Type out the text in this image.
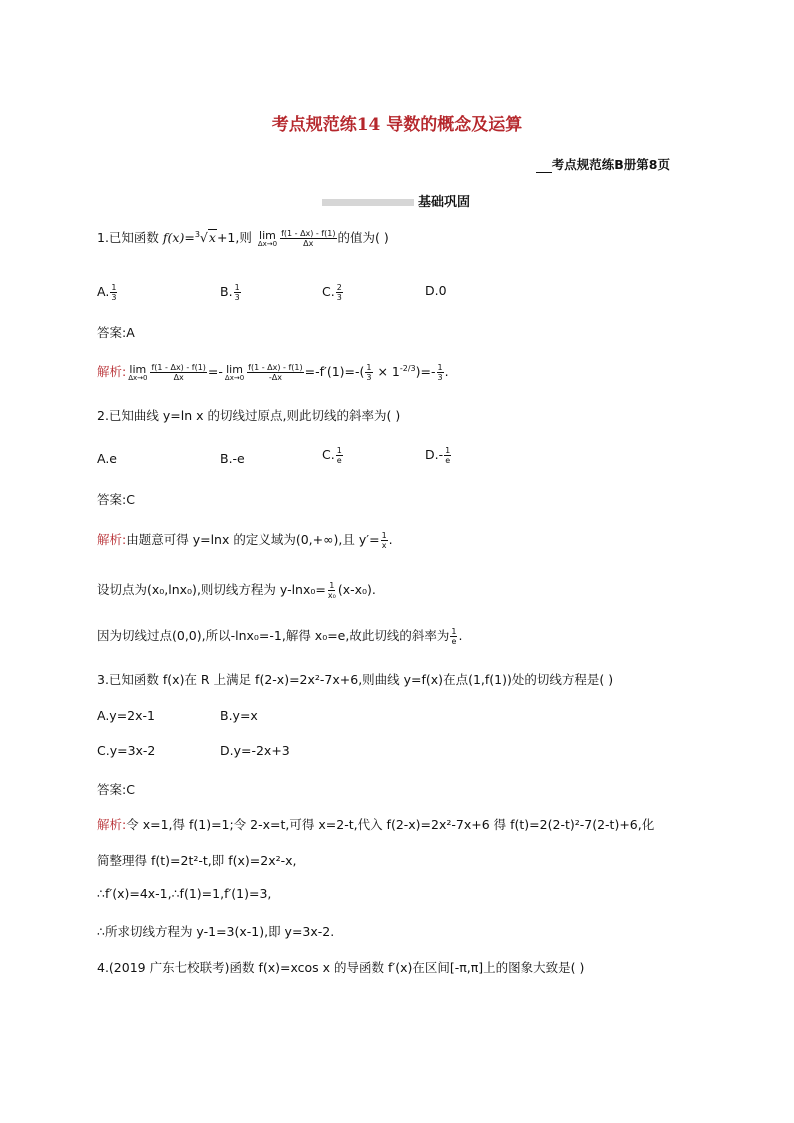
考点规范练14 导数的概念及运算
考点规范练B册第8页
基础巩固
1.已知函数 f(x)=$^3$√x+1,则 lim
$\Delta x\to 0 \frac{f(1 - \Delta x) - f(1)}{\Delta x}$ 的值为( )
A. $\frac{1}{3}$	B. $\frac{1}{3}$	C. $\frac{2}{3}$	D.0
答案:A
解析: lim
$\Delta x\to 0 \frac{f(1 - \Delta x) - f(1)}{\Delta x} =- \lim$
$\Delta x\to 0 \frac{f(1 - \Delta x) - f(1)}{-\Delta x} =-f'(1)=-( \frac{1}{3} \times 1^{-2/3})=- \frac{1}{3}$ .
2.已知曲线 y=ln x 的切线过原点,则此切线的斜率为( )
A.e	B.-e	C. $\frac{1}{e}$	$D.- \frac{1}{e}$
答案:C
解析:由题意可得 y=lnx 的定义域为(0,+∞),且 $y'= \frac{1}{x}$ .
设切点为(x₀,lnx₀),则切线方程为 $y-\ln x_0= \frac{1}{\text{x₀}} (x-x_0)$.
因为切线过点(0,0),所以-lnx₀=-1,解得 x₀=e,故此切线的斜率为 $\frac{1}{e}$ .
3.已知函数 f(x)在 R 上满足 f(2-x)=2x²-7x+6,则曲线 y=f(x)在点(1,f(1))处的切线方程是( )
A.y=2x-1	B.y=x
C.y=3x-2	D.y=-2x+3
答案:C
解析:令 x=1,得 f(1)=1;令 2-x=t,可得 x=2-t,代入 f(2-x)=2x²-7x+6 得 f(t)=2(2-t)²-7(2-t)+6,化
简整理得 f(t)=2t²-t,即 f(x)=2x²-x,
∴f′(x)=4x-1,∴f(1)=1,f′(1)=3,
∴所求切线方程为 y-1=3(x-1),即 y=3x-2.
4.(2019 广东七校联考)函数 f(x)=xcos x 的导函数 f′(x)在区间[-π,π]上的图象大致是( )
